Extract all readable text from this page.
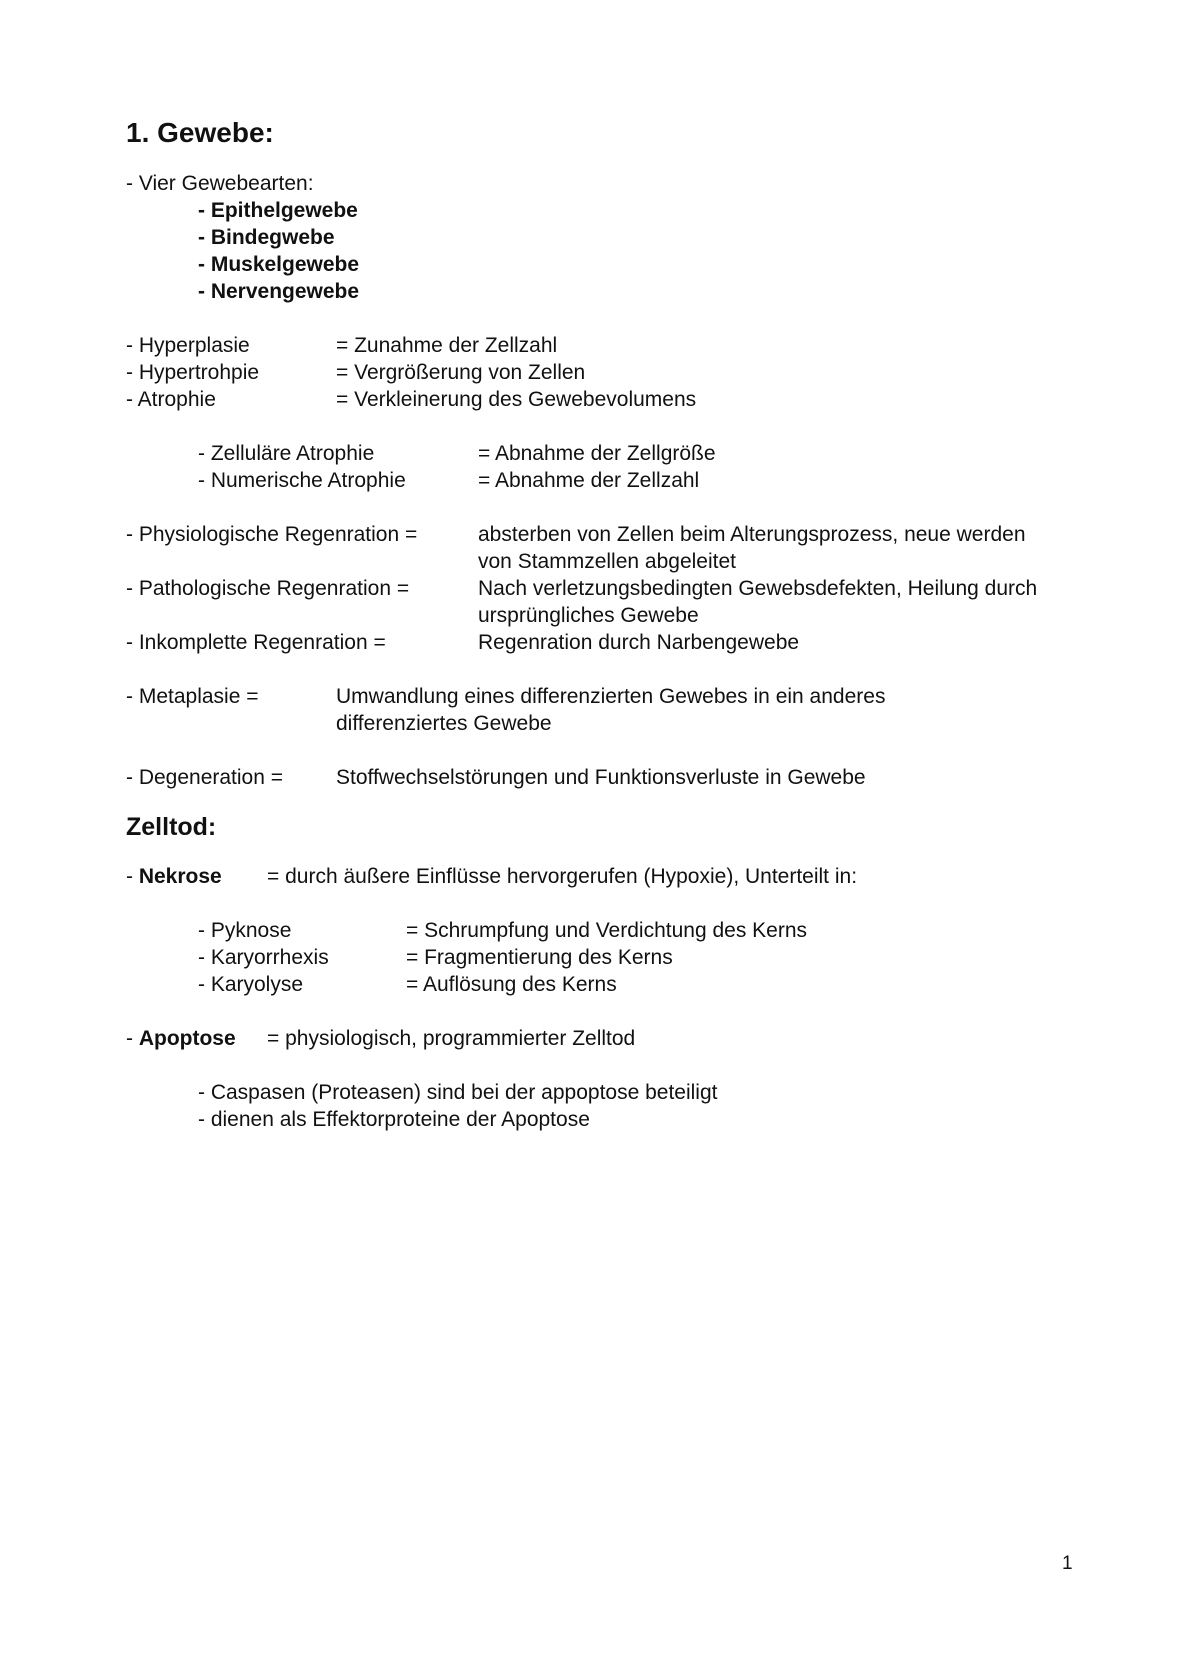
1. Gewebe:
- Vier Gewebearten:
- Epithelgewebe
- Bindegwebe
- Muskelgewebe
- Nervengewebe
- Hyperplasie	= Zunahme der Zellzahl
- Hypertrohpie	= Vergrößerung von Zellen
- Atrophie	= Verkleinerung des Gewebevolumens
- Zelluläre Atrophie	= Abnahme der Zellgröße
- Numerische Atrophie	= Abnahme der Zellzahl
- Physiologische Regenration =	absterben von Zellen beim Alterungsprozess, neue werden von Stammzellen abgeleitet
- Pathologische Regenration =	Nach verletzungsbedingten Gewebsdefekten, Heilung durch ursprüngliches Gewebe
- Inkomplette Regenration =	Regenration durch Narbengewebe
- Metaplasie =	Umwandlung eines differenzierten Gewebes in ein anderes differenziertes Gewebe
- Degeneration =	Stoffwechselstörungen und Funktionsverluste in Gewebe
Zelltod:
- Nekrose	= durch äußere Einflüsse hervorgerufen (Hypoxie), Unterteilt in:
- Pyknose	= Schrumpfung und Verdichtung des Kerns
- Karyorrhexis	= Fragmentierung des Kerns
- Karyolyse	= Auflösung des Kerns
- Apoptose	= physiologisch, programmierter Zelltod
- Caspasen (Proteasen) sind bei der appoptose beteiligt
- dienen als Effektorproteine der Apoptose
1
